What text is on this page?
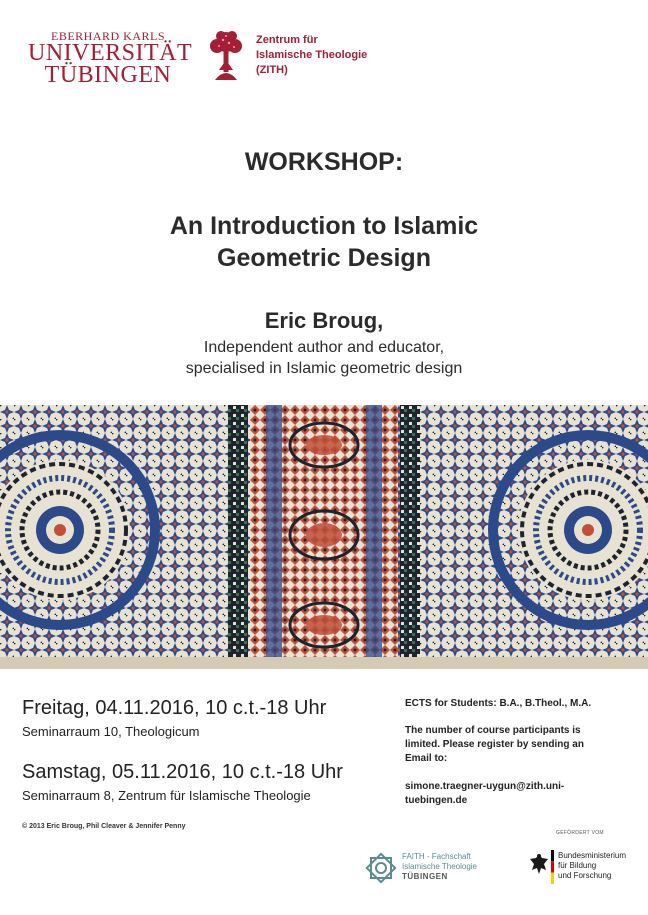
EBERHARD KARLS
UNIVERSITÄT
TÜBINGEN
Zentrum für
Islamische Theologie
(ZITH)
WORKSHOP:
An Introduction to Islamic
Geometric Design
Eric Broug,
Independent author and educator,
specialised in Islamic geometric design
Freitag, 04.11.2016, 10 c.t.-18 Uhr
Seminarraum 10, Theologicum
Samstag, 05.11.2016, 10 c.t.-18 Uhr
Seminarraum 8, Zentrum für Islamische Theologie
© 2013 Eric Broug, Phil Cleaver & Jennifer Penny
ECTS for Students: B.A., B.Theol., M.A.
The number of course participants is
limited. Please register by sending an
Email to:
simone.traegner-uygun@zith.uni-
tuebingen.de
FAITH - Fachschaft
Islamische Theologie
TÜBINGEN
GEFÖRDERT VOM
Bundesministerium
für Bildung
und Forschung
